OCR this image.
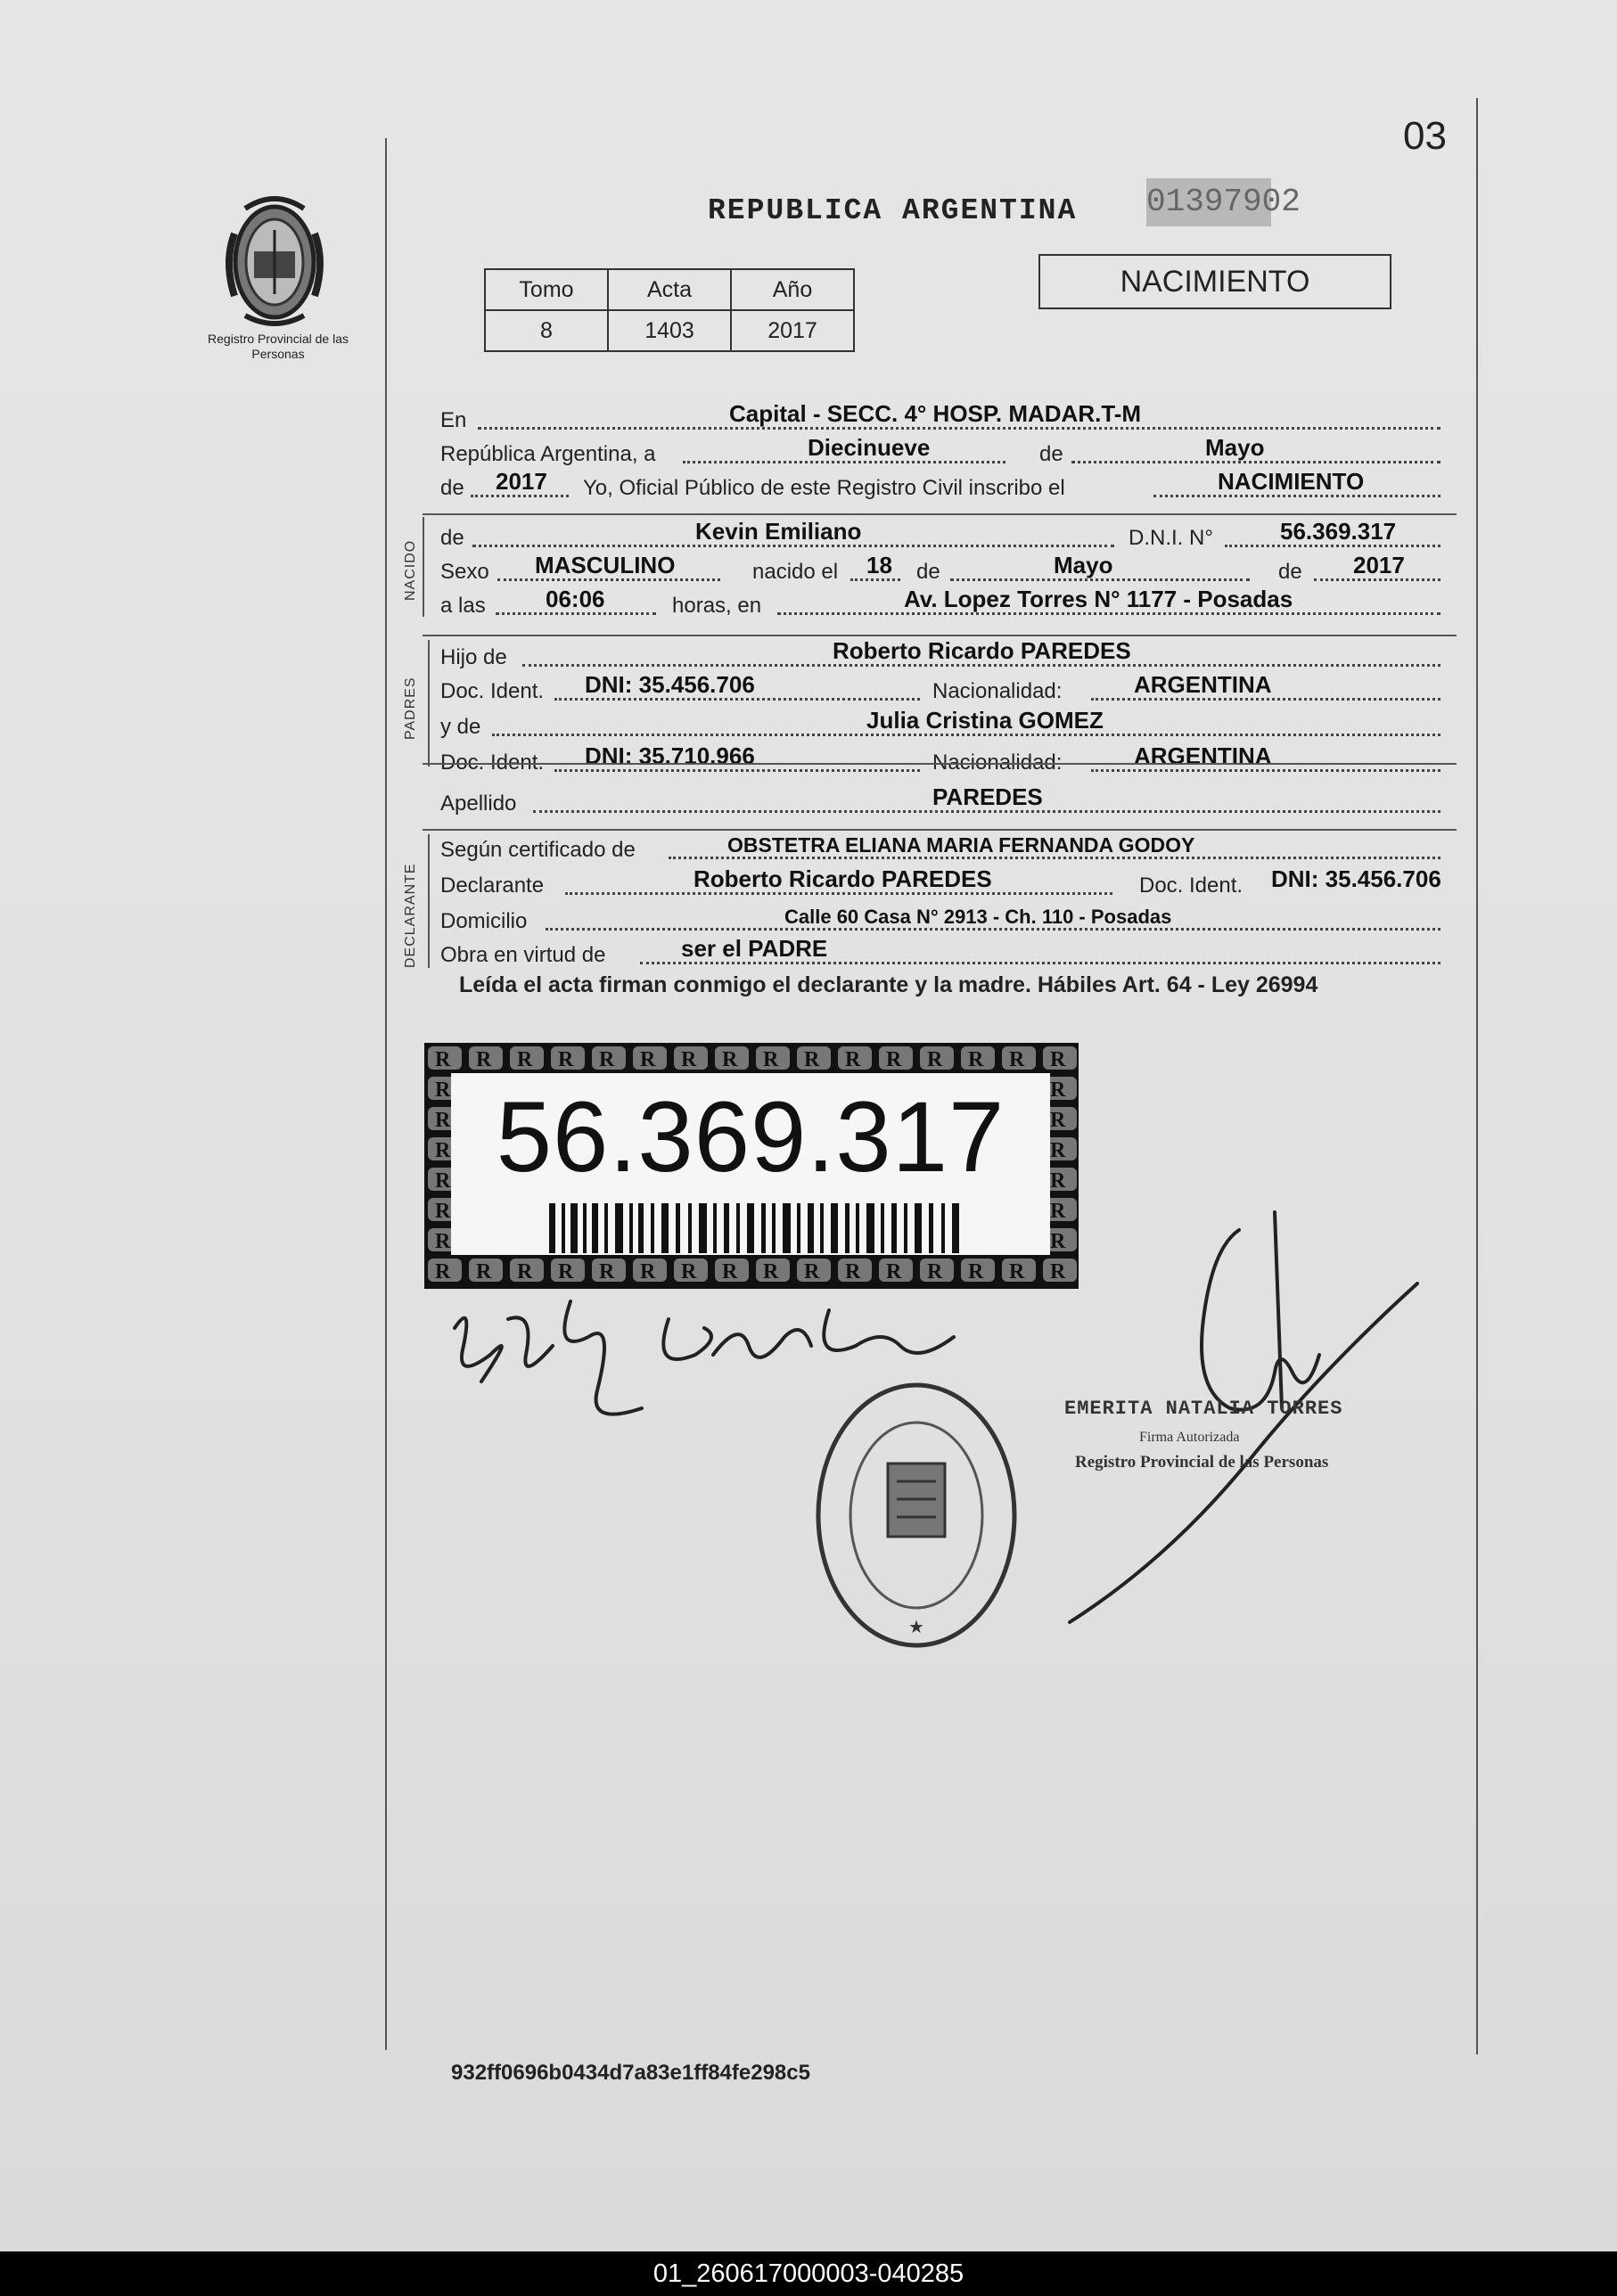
03
Registro Provincial de las Personas
REPUBLICA ARGENTINA 01397902
Tomo	Acta	Año
8	1403	2017
NACIMIENTO
En	Capital - SECC. 4° HOSP. MADAR.T-M
República Argentina, a	Diecinueve	de	Mayo
de 2017 Yo, Oficial Público de este Registro Civil inscribo el	NACIMIENTO
NACIDO
de	Kevin Emiliano	D.N.I. N°	56.369.317
Sexo MASCULINO	nacido el 18 de	Mayo	de 2017
a las	06:06	horas, en	Av. Lopez Torres N° 1177 - Posadas
PADRES
Hijo de	Roberto Ricardo PAREDES
Doc. Ident. DNI: 35.456.706	Nacionalidad:	ARGENTINA
y de	Julia Cristina GOMEZ
Doc. Ident. DNI: 35.710.966	Nacionalidad:	ARGENTINA
Apellido	PAREDES
DECLARANTE
Según certificado de	OBSTETRA ELIANA MARIA FERNANDA GODOY
Declarante	Roberto Ricardo PAREDES	Doc. Ident. DNI: 35.456.706
Domicilio	Calle 60 Casa N° 2913 - Ch. 110 - Posadas
Obra en virtud de	ser el PADRE
Leída el acta firman conmigo el declarante y la madre. Hábiles Art. 64 - Ley 26994
56.369.317
★
EMERITA NATALIA TORRES
Firma Autorizada
Registro Provincial de las Personas
932ff0696b0434d7a83e1ff84fe298c5
01_260617000003-040285
